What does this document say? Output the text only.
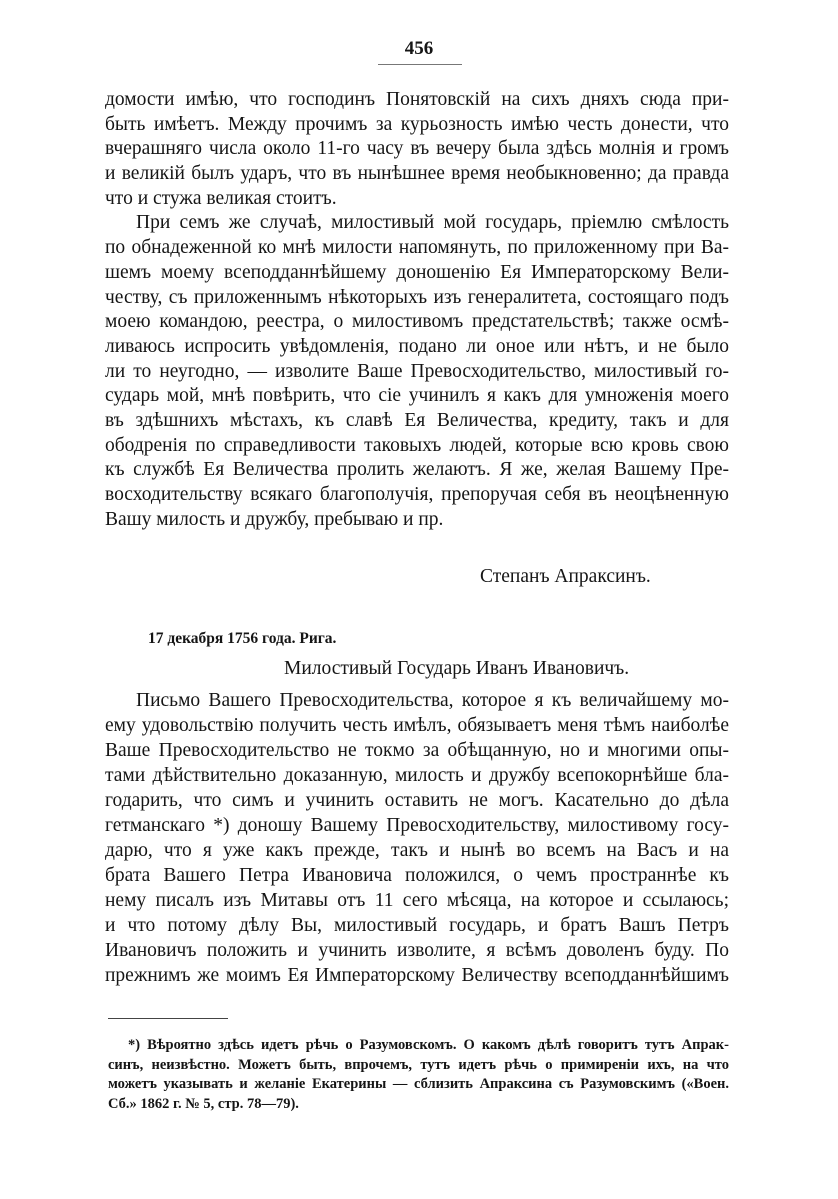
456
домости имѣю, что господинъ Понятовскій на сихъ дняхъ сюда при-
быть имѣетъ. Между прочимъ за курьозность имѣю честь донести, что
вчерашняго числа около 11-го часу въ вечеру была здѣсь молнія и громъ
и великій былъ ударъ, что въ нынѣшнее время необыкновенно; да правда
что и стужа великая стоитъ.
При семъ же случаѣ, милостивый мой государь, пріемлю смѣлость
по обнадеженной ко мнѣ милости напомянуть, по приложенному при Ва-
шемъ моему всеподданнѣйшему доношенію Ея Императорскому Вели-
честву, съ приложеннымъ нѣкоторыхъ изъ генералитета, состоящаго подъ
моею командою, реестра, о милостивомъ предстательствѣ; также осмѣ-
ливаюсь испросить увѣдомленія, подано ли оное или нѣтъ, и не было
ли то неугодно, — изволите Ваше Превосходительство, милостивый го-
сударь мой, мнѣ повѣрить, что сіе учинилъ я какъ для умноженія моего
въ здѣшнихъ мѣстахъ, къ славѣ Ея Величества, кредиту, такъ и для
ободренія по справедливости таковыхъ людей, которые всю кровь свою
къ службѣ Ея Величества пролить желаютъ. Я же, желая Вашему Пре-
восходительству всякаго благополучія, препоручая себя въ неоцѣненную
Вашу милость и дружбу, пребываю и пр.
Степанъ Апраксинъ.
17 декабря 1756 года. Рига.
Милостивый Государь Иванъ Ивановичъ.
Письмо Вашего Превосходительства, которое я къ величайшему мо-
ему удовольствію получить честь имѣлъ, обязываетъ меня тѣмъ наиболѣе
Ваше Превосходительство не токмо за обѣщанную, но и многими опы-
тами дѣйствительно доказанную, милость и дружбу всепокорнѣйше бла-
годарить, что симъ и учинить оставить не могъ. Касательно до дѣла
гетманскаго *) доношу Вашему Превосходительству, милостивому госу-
дарю, что я уже какъ прежде, такъ и нынѣ во всемъ на Васъ и на
брата Вашего Петра Ивановича положился, о чемъ пространнѣе къ
нему писалъ изъ Митавы отъ 11 сего мѣсяца, на которое и ссылаюсь;
и что потому дѣлу Вы, милостивый государь, и братъ Вашъ Петръ
Ивановичъ положить и учинить изволите, я всѣмъ доволенъ буду. По
прежнимъ же моимъ Ея Императорскому Величеству всеподданнѣйшимъ
*) Вѣроятно здѣсь идетъ рѣчь о Разумовскомъ. О какомъ дѣлѣ говоритъ тутъ Апрак-
синъ, неизвѣстно. Можетъ быть, впрочемъ, тутъ идетъ рѣчь о примиреніи ихъ, на что
можетъ указывать и желаніе Екатерины — сблизить Апраксина съ Разумовскимъ («Воен.
Сб.» 1862 г. № 5, стр. 78—79).
